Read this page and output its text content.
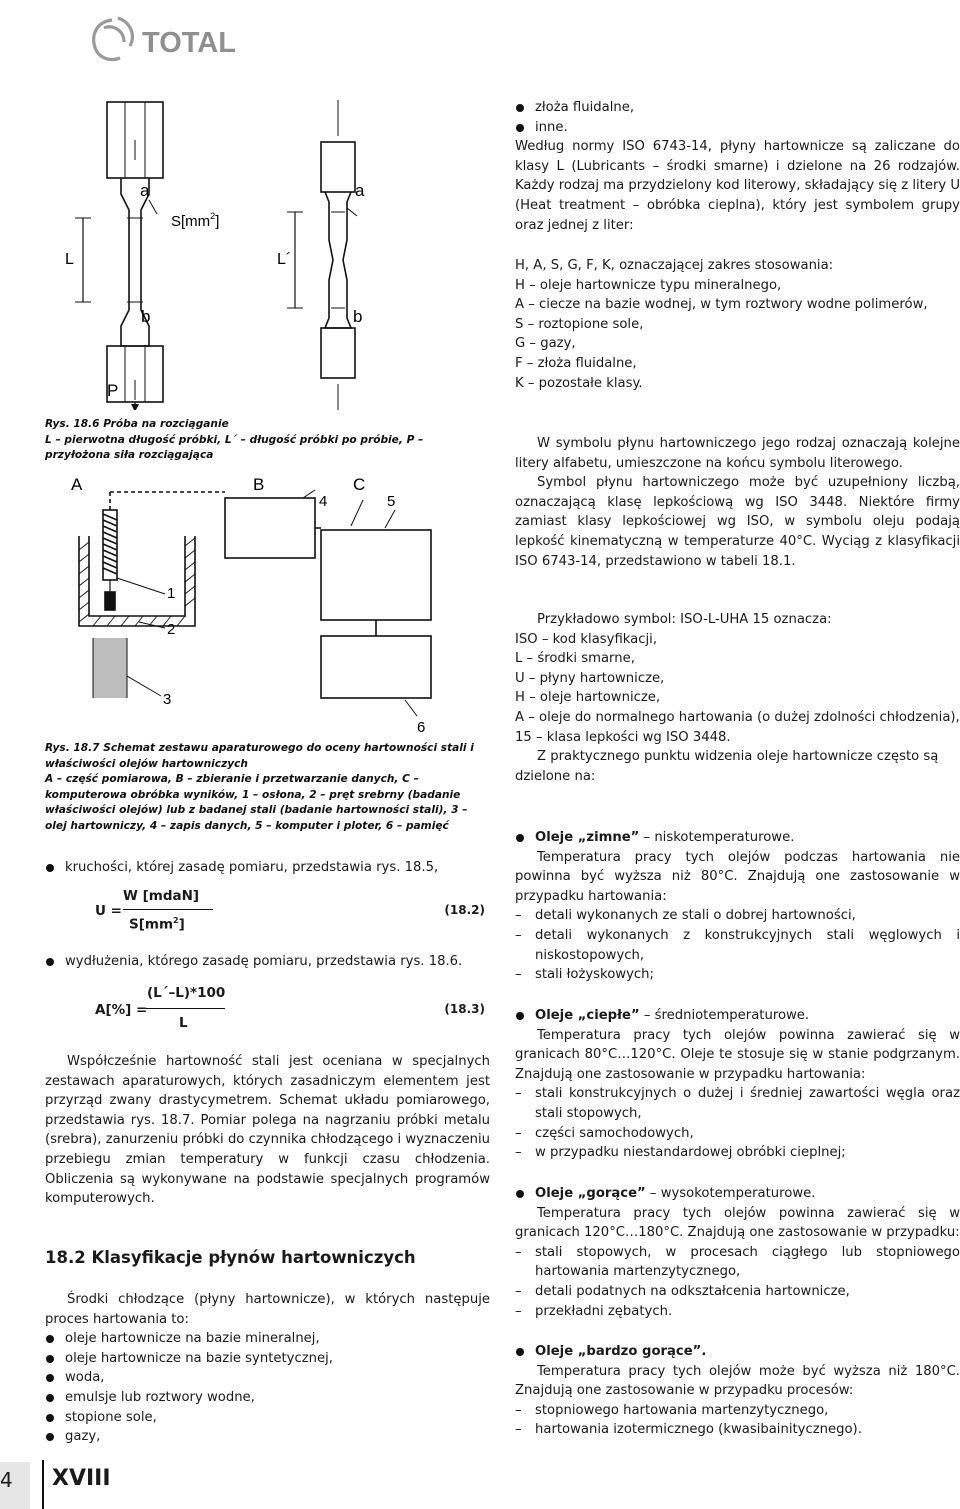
TOTAL
a	a
$S[mm^2]$
L	L´
b	b
P
Rys. 18.6 Próba na rozciąganie
L – pierwotna długość próbki, L´ – długość próbki po próbie, P – przyłożona siła rozciągająca
A	B	C
1
2
3
4	5
6
Rys. 18.7 Schemat zestawu aparaturowego do oceny hartowności stali i właściwości olejów hartowniczych
A – część pomiarowa, B – zbieranie i przetwarzanie danych, C – komputerowa obróbka wyników, 1 – osłona, 2 – pręt srebrny (badanie właściwości olejów) lub z badanej stali (badanie hartowności stali), 3 – olej hartowniczy, 4 – zapis danych, 5 – komputer i ploter, 6 – pamięć

kruchości, której zasadę pomiaru, przedstawia rys. 18.5,

U =
W [mdaN]
$S[mm^2]$
(18.2)

wydłużenia, którego zasadę pomiaru, przedstawia rys. 18.6.

A[%] =
(L´–L)*100
L
(18.3)

Współcześnie hartowność stali jest oceniana w specjalnych zestawach aparaturowych, których zasadniczym elementem jest przyrząd zwany drastycymetrem. Schemat układu pomiarowego, przedstawia rys. 18.7. Pomiar polega na nagrzaniu próbki metalu (srebra), zanurzeniu próbki do czynnika chłodzącego i wyznaczeniu przebiegu zmian temperatury w funkcji czasu chłodzenia. Obliczenia są wykonywane na podstawie specjalnych programów komputerowych.

18.2 Klasyfikacje płynów hartowniczych

Środki chłodzące (płyny hartownicze), w których następuje proces hartowania to:

oleje hartownicze na bazie mineralnej,

oleje hartownicze na bazie syntetycznej,

woda,

emulsje lub roztwory wodne,

stopione sole,

gazy,

złoża fluidalne,

inne.

Według normy ISO 6743-14, płyny hartownicze są zaliczane do klasy L (Lubricants – środki smarne) i dzielone na 26 rodzajów. Każdy rodzaj ma przydzielony kod literowy, składający się z litery U (Heat treatment – obróbka cieplna), który jest symbolem grupy oraz jednej z liter:

H, A, S, G, F, K, oznaczającej zakres stosowania:

H – oleje hartownicze typu mineralnego,

A – ciecze na bazie wodnej, w tym roztwory wodne polimerów,

S – roztopione sole,

G – gazy,

F – złoża fluidalne,

K – pozostałe klasy.

W symbolu płynu hartowniczego jego rodzaj oznaczają kolejne litery alfabetu, umieszczone na końcu symbolu literowego.

Symbol płynu hartowniczego może być uzupełniony liczbą, oznaczającą klasę lepkościową wg ISO 3448. Niektóre firmy zamiast klasy lepkościowej wg ISO, w symbolu oleju podają lepkość kinematyczną w temperaturze 40°C. Wyciąg z klasyfikacji ISO 6743-14, przedstawiono w tabeli 18.1.

Przykładowo symbol: ISO-L-UHA 15 oznacza:

ISO – kod klasyfikacji,

L – środki smarne,

U – płyny hartownicze,

H – oleje hartownicze,

A – oleje do normalnego hartowania (o dużej zdolności chłodzenia),

15 – klasa lepkości wg ISO 3448.

Z praktycznego punktu widzenia oleje hartownicze często są dzielone na:

Oleje „zimne” – niskotemperaturowe.

Temperatura pracy tych olejów podczas hartowania nie powinna być wyższa niż 80°C. Znajdują one zastosowanie w przypadku hartowania:

– detali wykonanych ze stali o dobrej hartowności,

– detali wykonanych z konstrukcyjnych stali węglowych i niskostopowych,

– stali łożyskowych;

Oleje „ciepłe” – średniotemperaturowe.

Temperatura pracy tych olejów powinna zawierać się w granicach 80°C…120°C. Oleje te stosuje się w stanie podgrzanym. Znajdują one zastosowanie w przypadku hartowania:

– stali konstrukcyjnych o dużej i średniej zawartości węgla oraz stali stopowych,

– części samochodowych,

– w przypadku niestandardowej obróbki cieplnej;

Oleje „gorące” – wysokotemperaturowe.

Temperatura pracy tych olejów powinna zawierać się w granicach 120°C…180°C. Znajdują one zastosowanie w przypadku:

– stali stopowych, w procesach ciągłego lub stopniowego hartowania martenzytycznego,

– detali podatnych na odkształcenia hartownicze,

– przekładni zębatych.

Oleje „bardzo gorące”.

Temperatura pracy tych olejów może być wyższa niż 180°C. Znajdują one zastosowanie w przypadku procesów:

– stopniowego hartowania martenzytycznego,

– hartowania izotermicznego (kwasibainitycznego).

4 XVIII
